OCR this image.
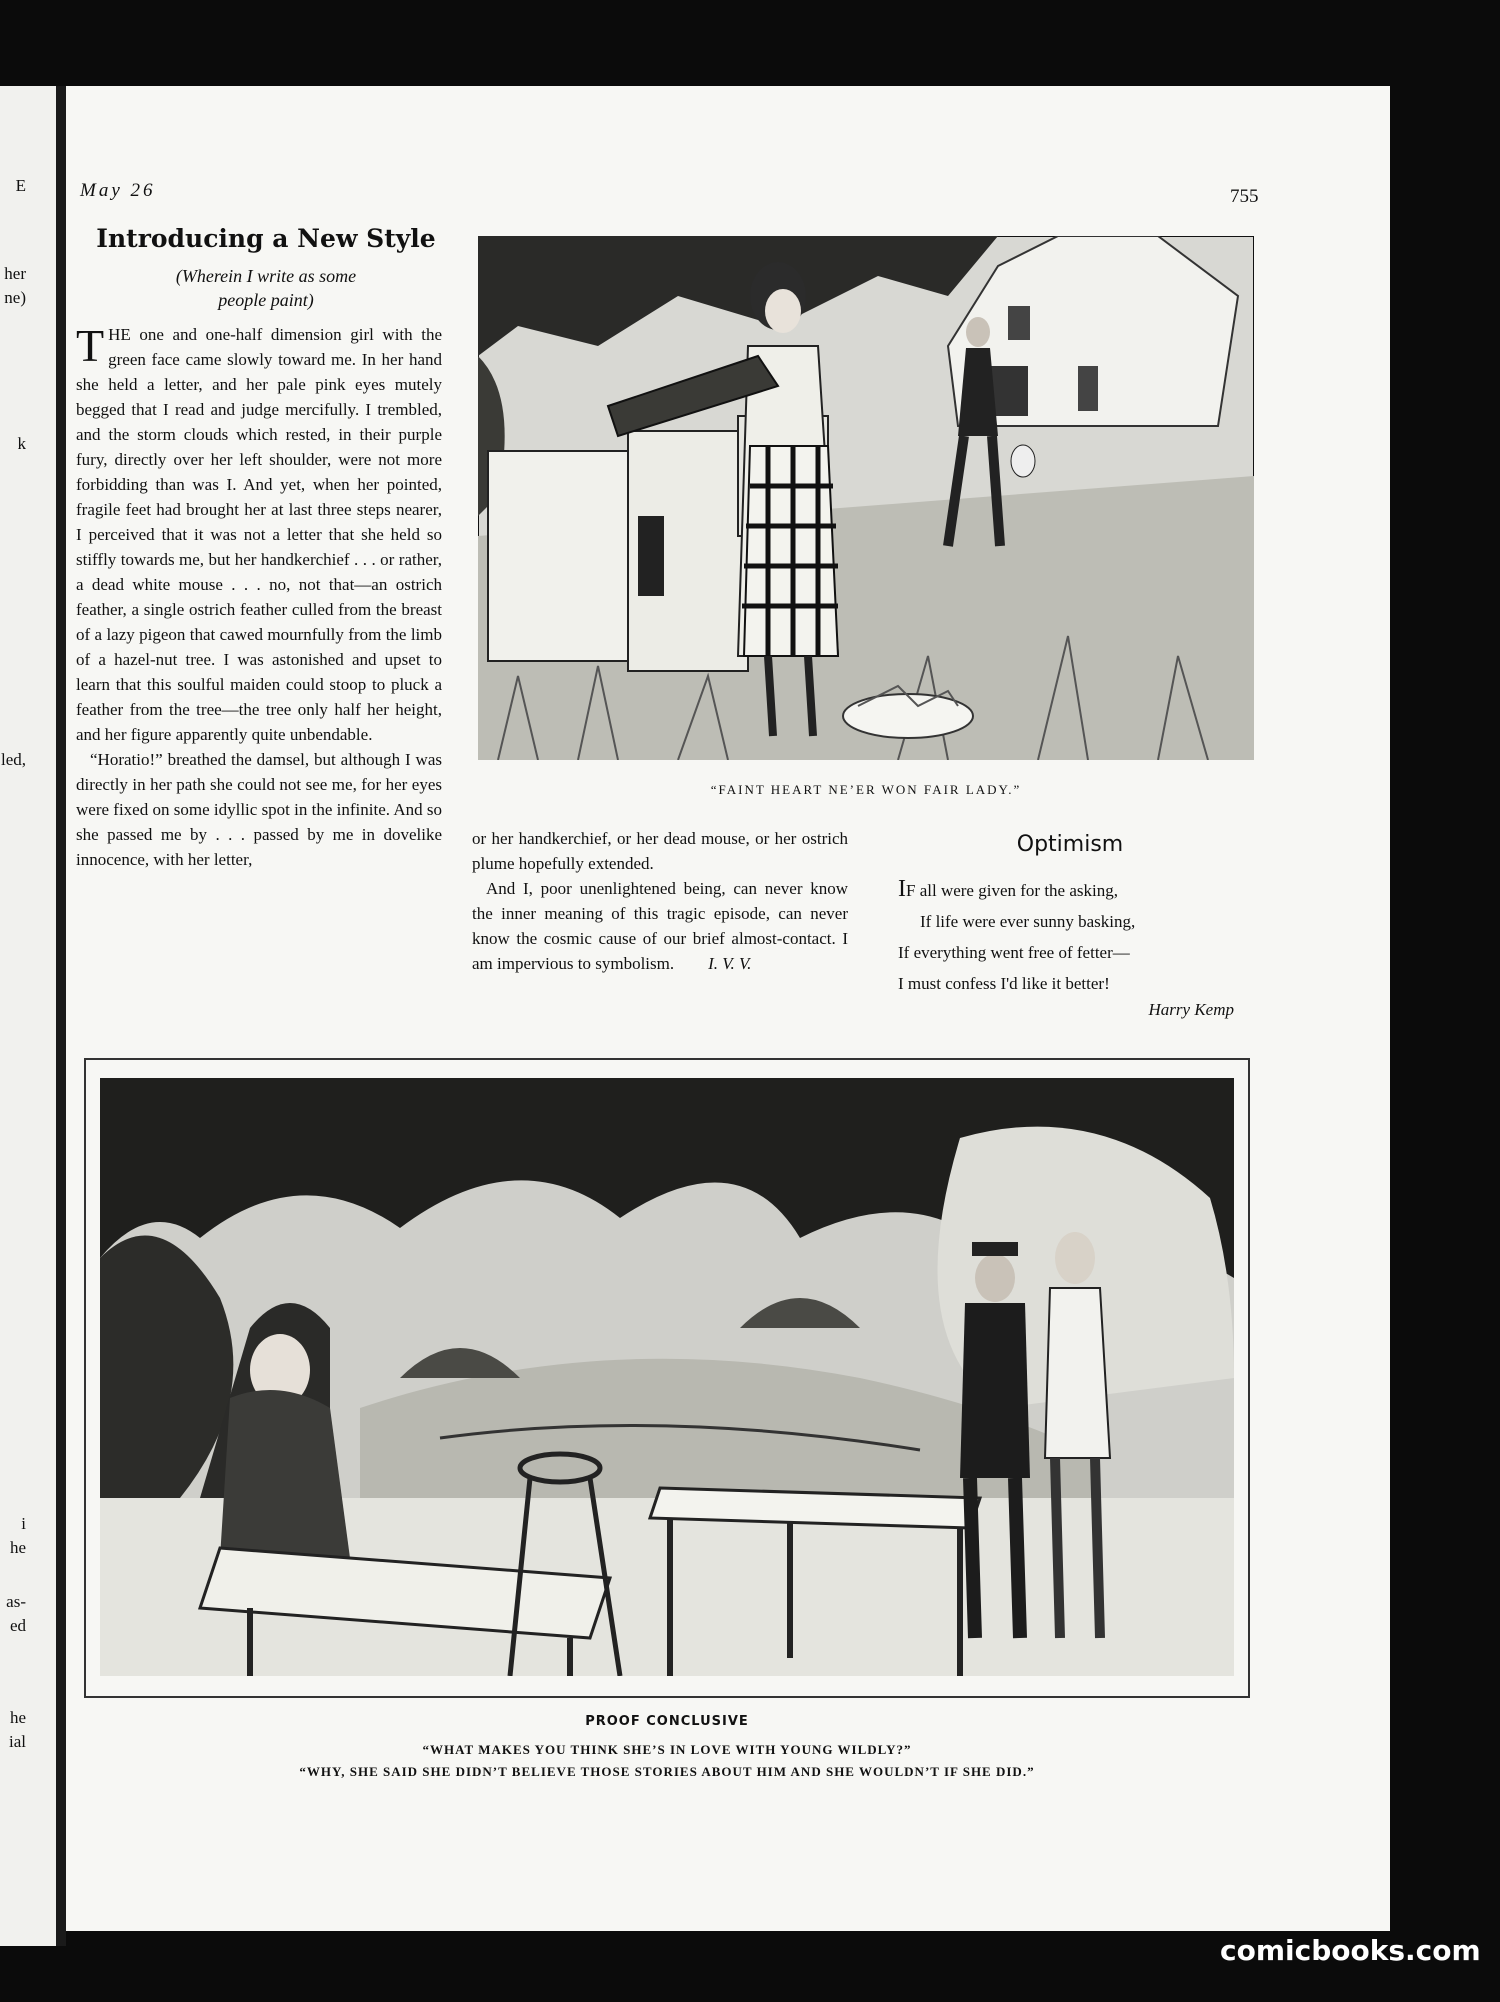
E
her
ne)
k
led,
i
he
as-
ed
he
ial
May 26	755
Introducing a New Style
(Wherein I write as some
people paint)

THE one and one-half dimension girl with the green face came slowly toward me. In her hand she held a letter, and her pale pink eyes mutely begged that I read and judge mercifully. I trembled, and the storm clouds which rested, in their purple fury, directly over her left shoulder, were not more forbidding than was I. And yet, when her pointed, fragile feet had brought her at last three steps nearer, I perceived that it was not a letter that she held so stiffly towards me, but her handkerchief . . . or rather, a dead white mouse . . . no, not that—an ostrich feather, a single ostrich feather culled from the breast of a lazy pigeon that cawed mournfully from the limb of a hazel-nut tree. I was astonished and upset to learn that this soulful maiden could stoop to pluck a feather from the tree—the tree only half her height, and her figure apparently quite unbendable.

“Horatio!” breathed the damsel, but although I was directly in her path she could not see me, for her eyes were fixed on some idyllic spot in the infinite. And so she passed me by . . . passed by me in dovelike innocence, with her letter,

or her handkerchief, or her dead mouse, or her ostrich plume hopefully extended.

And I, poor unenlightened being, can never know the inner meaning of this tragic episode, can never know the cosmic cause of our brief almost-contact. I am impervious to symbolism. I. V. V.

“FAINT HEART NE’ER WON FAIR LADY.”
Optimism
IF all were given for the asking,
If life were ever sunny basking,
If everything went free of fetter—
I must confess I'd like it better!
Harry Kemp
PROOF CONCLUSIVE
“WHAT MAKES YOU THINK SHE’S IN LOVE WITH YOUNG WILDLY?”
“WHY, SHE SAID SHE DIDN’T BELIEVE THOSE STORIES ABOUT HIM AND SHE WOULDN’T IF SHE DID.”
comicbooks.com
